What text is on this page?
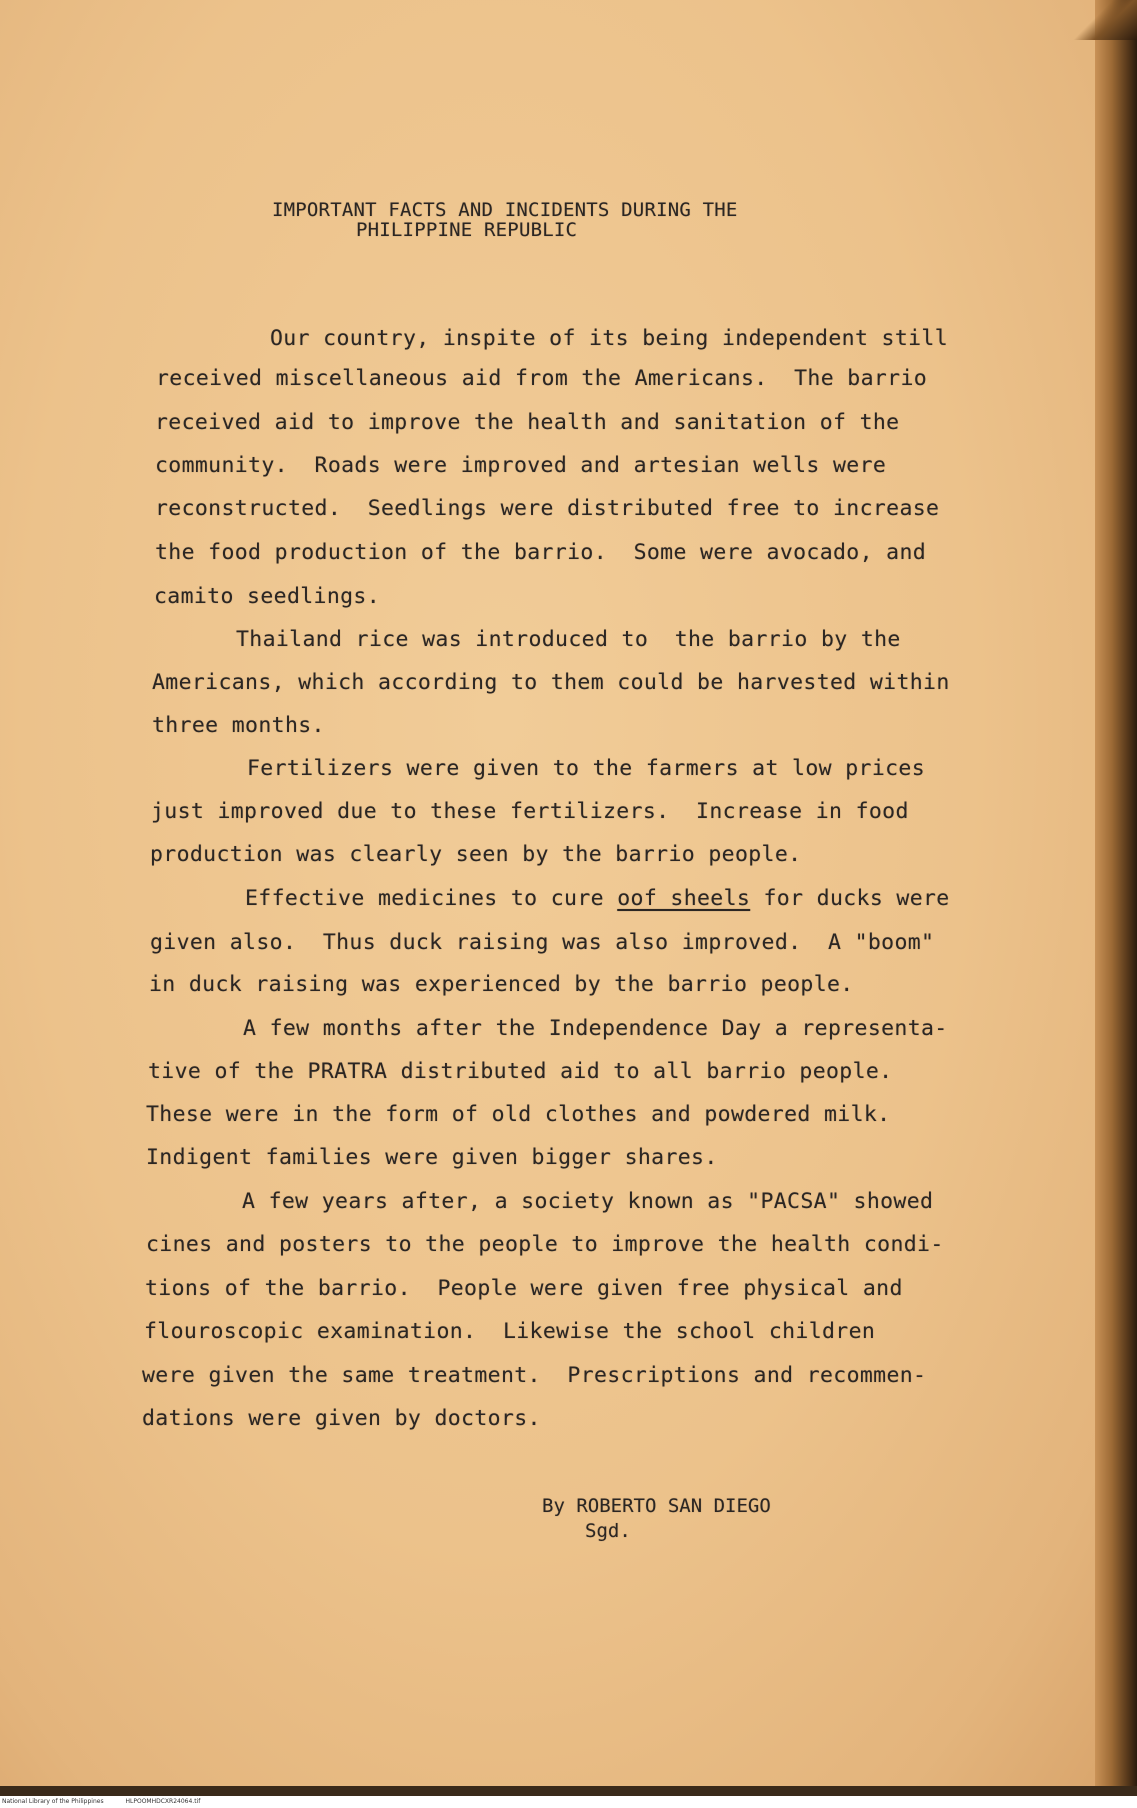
IMPORTANT FACTS AND INCIDENTS DURING THE
PHILIPPINE REPUBLIC
Our country, inspite of its being independent still
received miscellaneous aid from the Americans.  The barrio
received aid to improve the health and sanitation of the
community.  Roads were improved and artesian wells were
reconstructed.  Seedlings were distributed free to increase
the food production of the barrio.  Some were avocado, and
camito seedlings.
Thailand rice was introduced to  the barrio by the
Americans, which according to them could be harvested within
three months.
Fertilizers were given to the farmers at low prices
just improved due to these fertilizers.  Increase in food
production was clearly seen by the barrio people.
Effective medicines to cure oof sheels for ducks were
given also.  Thus duck raising was also improved.  A "boom"
in duck raising was experienced by the barrio people.
A few months after the Independence Day a representa-
tive of the PRATRA distributed aid to all barrio people.
These were in the form of old clothes and powdered milk.
Indigent families were given bigger shares.
A few years after, a society known as "PACSA" showed
cines and posters to the people to improve the health condi-
tions of the barrio.  People were given free physical and
flouroscopic examination.  Likewise the school children
were given the same treatment.  Prescriptions and recommen-
dations were given by doctors.
By ROBERTO SAN DIEGO
Sgd.
National Library of the Philippines	HLPOOMHDCXR24064.tif
